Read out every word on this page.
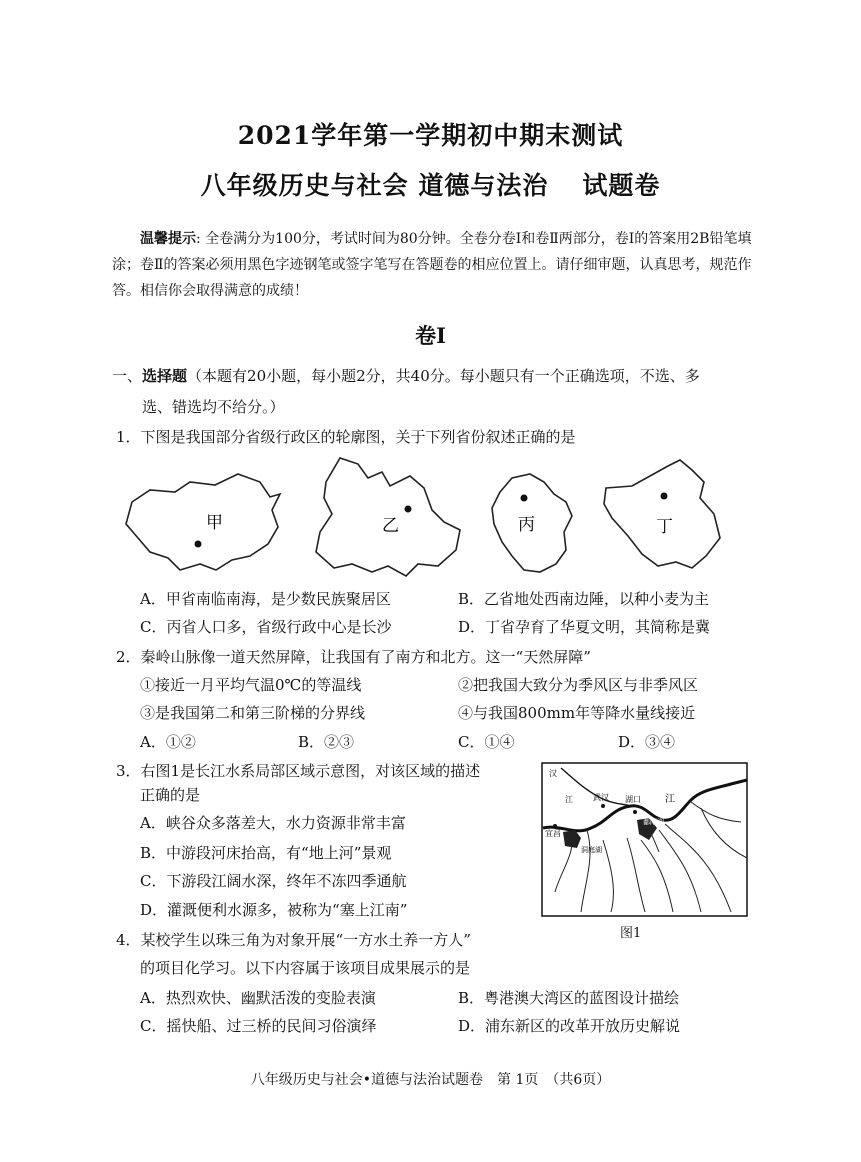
2021学年第一学期初中期末测试
八年级历史与社会 道德与法治 试题卷
温馨提示: 全卷满分为100分，考试时间为80分钟。全卷分卷Ⅰ和卷Ⅱ两部分，卷Ⅰ的答案用2B铅笔填涂；卷Ⅱ的答案必须用黑色字迹钢笔或签字笔写在答题卷的相应位置上。请仔细审题，认真思考，规范作答。相信你会取得满意的成绩！
卷Ⅰ
一、选择题（本题有20小题，每小题2分，共40分。每小题只有一个正确选项，不选、多
选、错选均不给分。）
1．下图是我国部分省级行政区的轮廓图，关于下列省份叙述正确的是
甲	乙	丙	丁
A．甲省南临南海，是少数民族聚居区	B．乙省地处西南边陲，以种小麦为主
C．丙省人口多，省级行政中心是长沙	D．丁省孕育了华夏文明，其简称是冀
2．秦岭山脉像一道天然屏障，让我国有了南方和北方。这一“天然屏障”
①接近一月平均气温0℃的等温线	②把我国大致分为季风区与非季风区
③是我国第二和第三阶梯的分界线	④与我国800mm年等降水量线接近
A．①②	B．②③	C．①④	D．③④
3．右图1是长江水系局部区域示意图，对该区域的描述
正确的是
A．峡谷众多落差大，水力资源非常丰富
B．中游段河床抬高，有“地上河”景观
C．下游段江阔水深，终年不冻四季通航
D．灌溉便利水源多，被称为“塞上江南”
汉
江	武汉
宜昌
湖口 江
鄱阳湖
洞庭湖
图1
4．某校学生以珠三角为对象开展“一方水土养一方人”
的项目化学习。以下内容属于该项目成果展示的是
A．热烈欢快、幽默活泼的变脸表演	B．粤港澳大湾区的蓝图设计描绘
C．摇快船、过三桥的民间习俗演绎	D．浦东新区的改革开放历史解说
八年级历史与社会•道德与法治试题卷　第 1页　（共6页）
